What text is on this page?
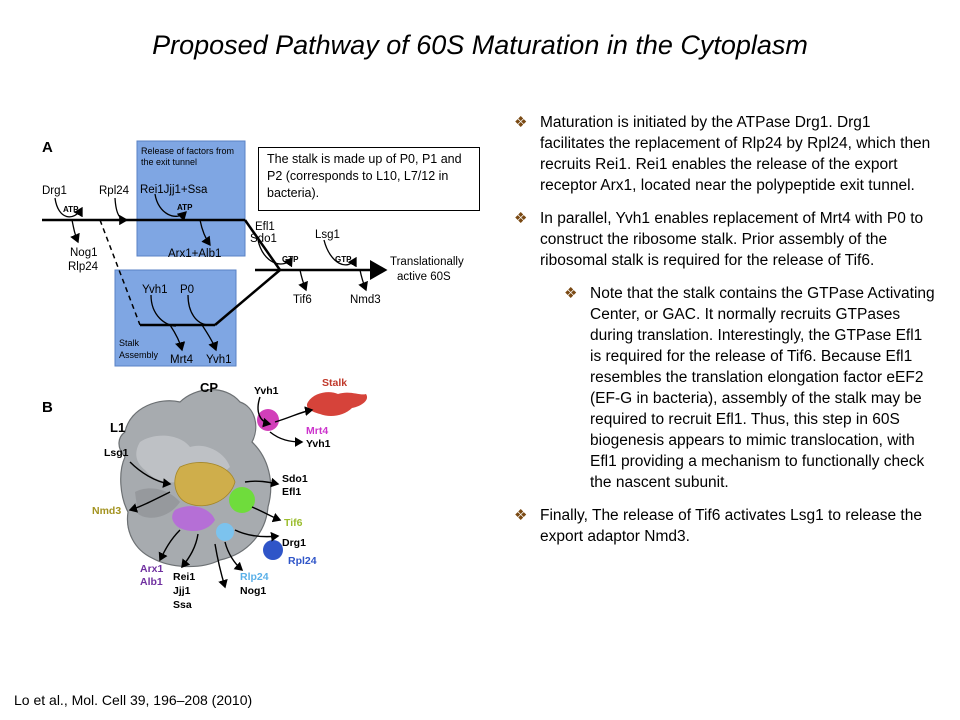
Proposed Pathway of 60S Maturation in the Cytoplasm
A	Release of factors from
the exit tunnel
Stalk
Assembly
Drg1
ATP
Rpl24 Rei1Jjj1+Ssa
ATP
Nog1
Rlp24
Arx1+Alb1
Efl1
Sdo1	Lsg1
GTP	GTP	Translationally
active 60S
Tif6	Nmd3
Yvh1 P0
Mrt4 Yvh1
The stalk is made up of P0, P1 and P2 (corresponds to L10, L7/12 in bacteria).
B
CP
L1
Stalk
Yvh1
Mrt4
Yvh1
Sdo1
Efl1
Tif6
Drg1
Rpl24
Lsg1
Nmd3
Arx1
Alb1 Rei1
Jjj1
Ssa
Rlp24
Nog1
❖ Maturation is initiated by the ATPase Drg1. Drg1 facilitates the replacement of Rlp24 by Rpl24, which then recruits Rei1. Rei1 enables the release of the export receptor Arx1, located near the polypeptide exit tunnel.
❖ In parallel, Yvh1 enables replacement of Mrt4 with P0 to construct the ribosome stalk. Prior assembly of the ribosomal stalk is required for the release of Tif6.
❖ Note that the stalk contains the GTPase Activating Center, or GAC. It normally recruits GTPases during translation. Interestingly, the GTPase Efl1 is required for the release of Tif6. Because Efl1 resembles the translation elongation factor eEF2 (EF-G in bacteria), assembly of the stalk may be required to recruit Efl1. Thus, this step in 60S biogenesis appears to mimic translocation, with Efl1 providing a mechanism to functionally check the nascent subunit.
❖ Finally, The release of Tif6 activates Lsg1 to release the export adaptor Nmd3.
Lo et al., Mol. Cell 39, 196–208 (2010)
